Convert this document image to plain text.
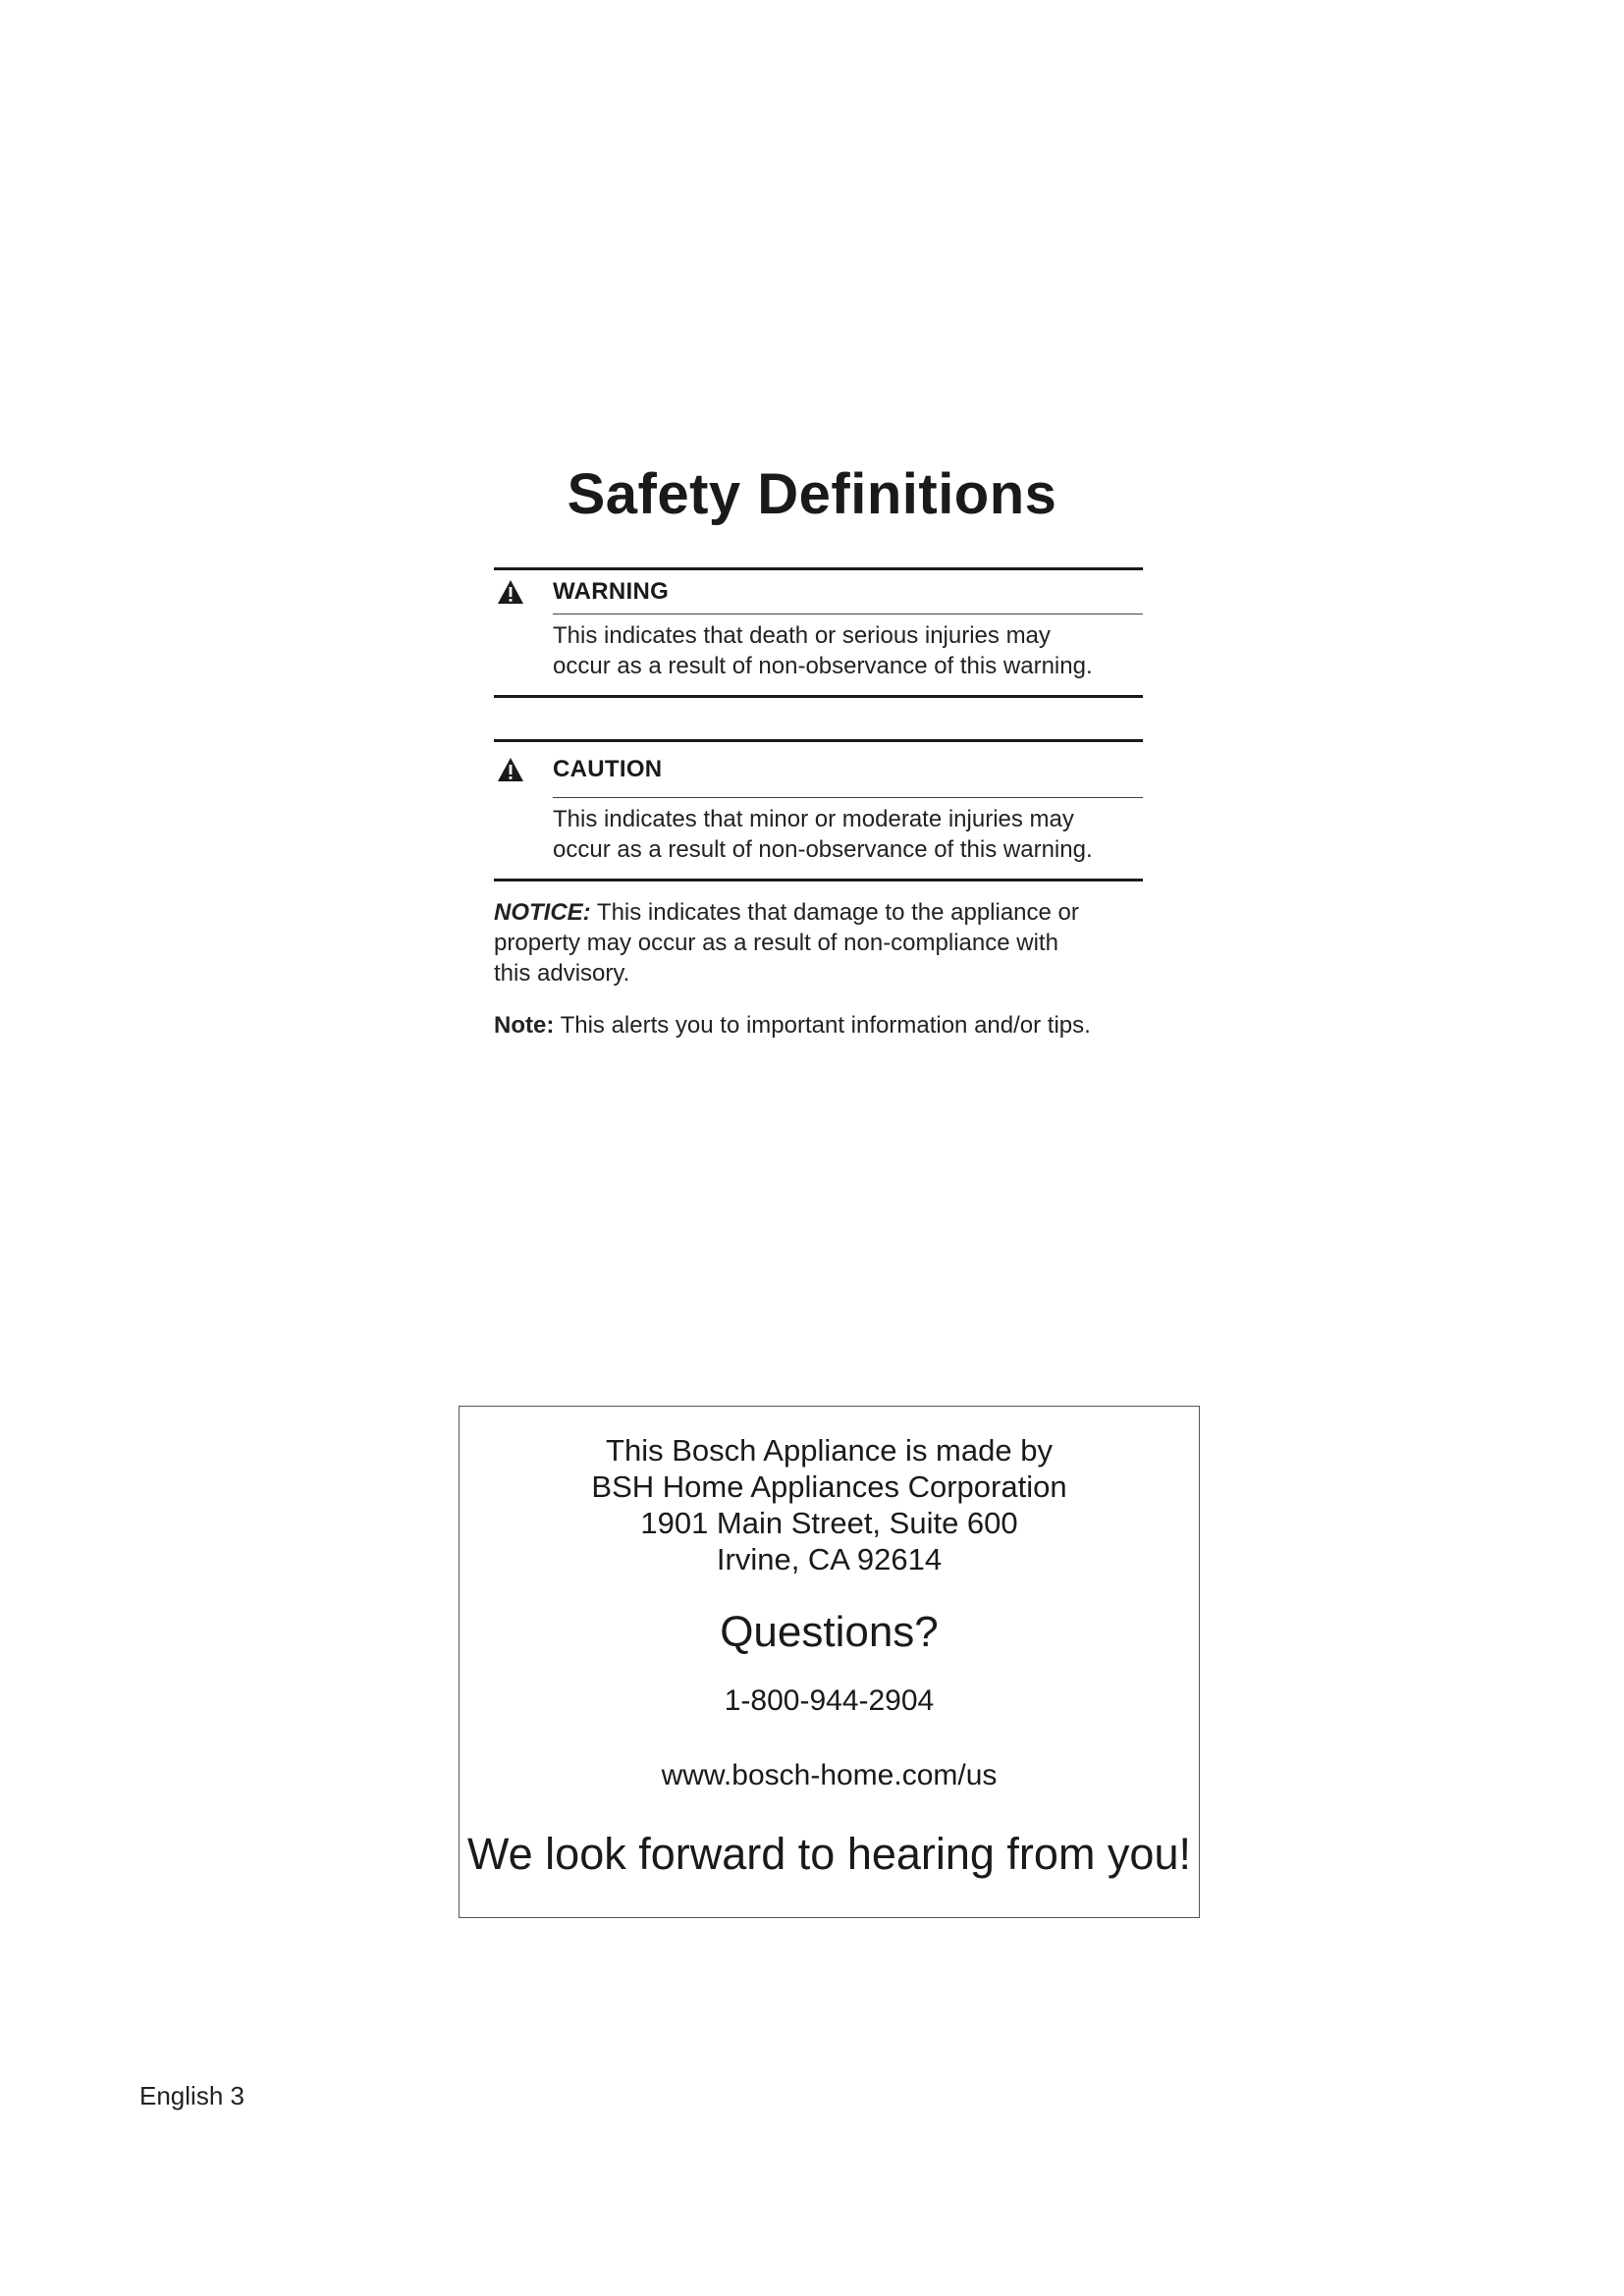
Safety Definitions
WARNING
This indicates that death or serious injuries may
occur as a result of non-observance of this warning.
CAUTION
This indicates that minor or moderate injuries may
occur as a result of non-observance of this warning.
NOTICE: This indicates that damage to the appliance or
property may occur as a result of non-compliance with
this advisory.
Note: This alerts you to important information and/or tips.
This Bosch Appliance is made by
BSH Home Appliances Corporation
1901 Main Street, Suite 600
Irvine, CA 92614
Questions?
1-800-944-2904
www.bosch-home.com/us
We look forward to hearing from you!
English 3
